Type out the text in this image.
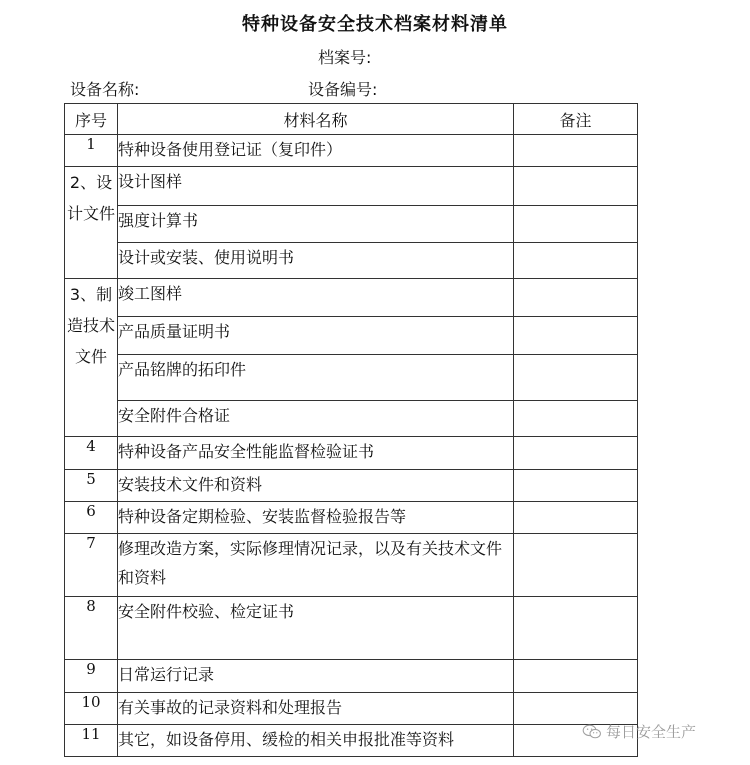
特种设备安全技术档案材料清单
档案号:
设备名称:	设备编号:
序号	材料名称	备注
1	特种设备使用登记证（复印件）	
2、设计文件	设计图样	
	强度计算书	
	设计或安装、使用说明书	
3、制造技术文件	竣工图样	
	产品质量证明书	
	产品铭牌的拓印件	
	安全附件合格证	
4	特种设备产品安全性能监督检验证书	
5	安装技术文件和资料	
6	特种设备定期检验、安装监督检验报告等	
7	修理改造方案，实际修理情况记录，以及有关技术文件和资料	
8	安全附件校验、检定证书	
9	日常运行记录	
10	有关事故的记录资料和处理报告	
11	其它，如设备停用、缓检的相关申报批准等资料		每日安全生产
